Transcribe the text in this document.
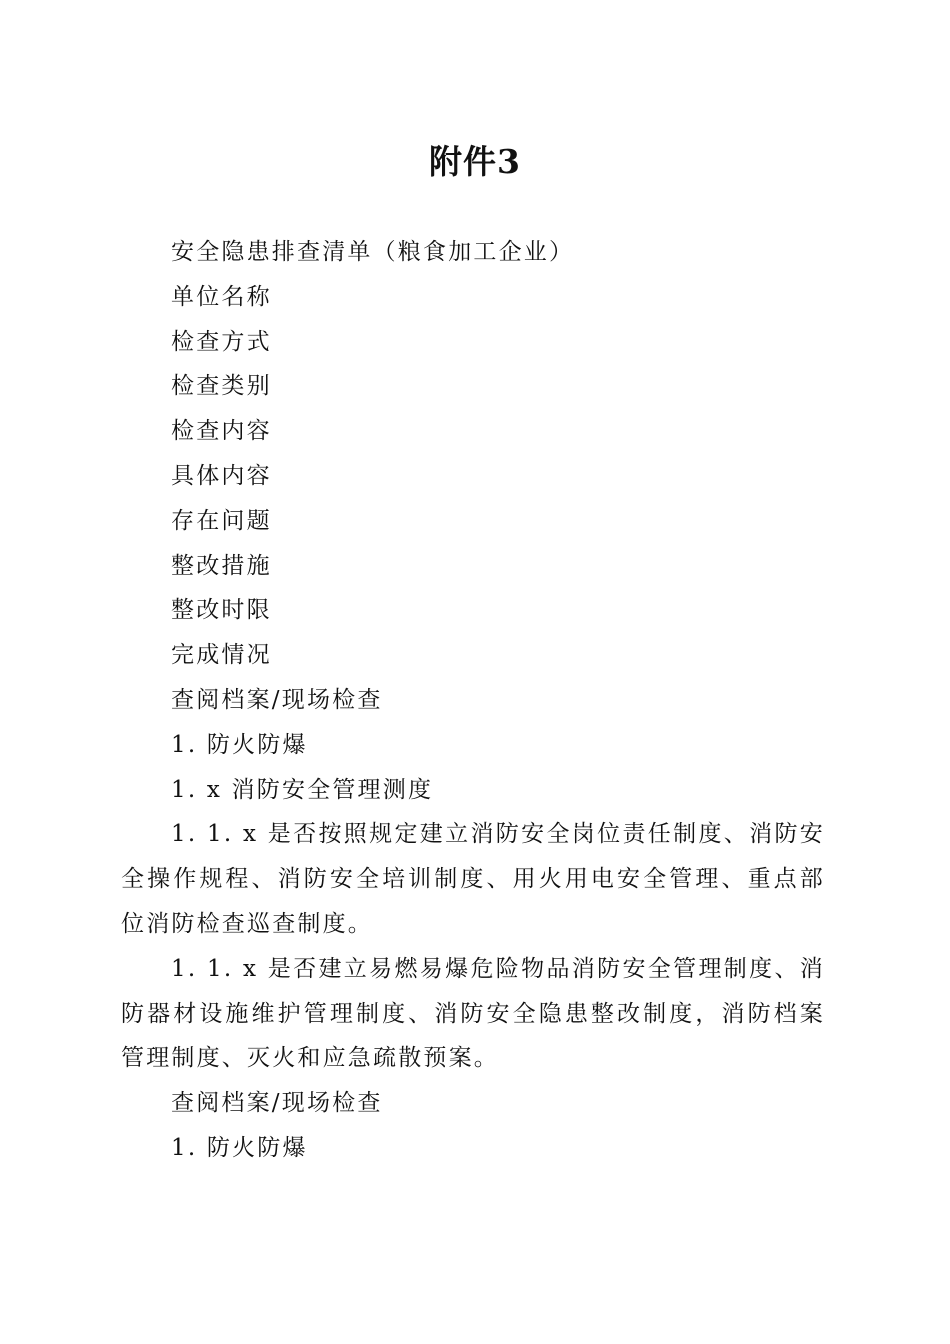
附件3

安全隐患排查清单（粮食加工企业）

单位名称

检查方式

检查类别

检查内容

具体内容

存在问题

整改措施

整改时限

完成情况

查阅档案/现场检查

1. 防火防爆

1. x 消防安全管理测度

1. 1. x 是否按照规定建立消防安全岗位责任制度、消防安全操作规程、消防安全培训制度、用火用电安全管理、重点部位消防检查巡查制度。

1. 1. x 是否建立易燃易爆危险物品消防安全管理制度、消防器材设施维护管理制度、消防安全隐患整改制度，消防档案管理制度、灭火和应急疏散预案。

查阅档案/现场检查

1. 防火防爆
